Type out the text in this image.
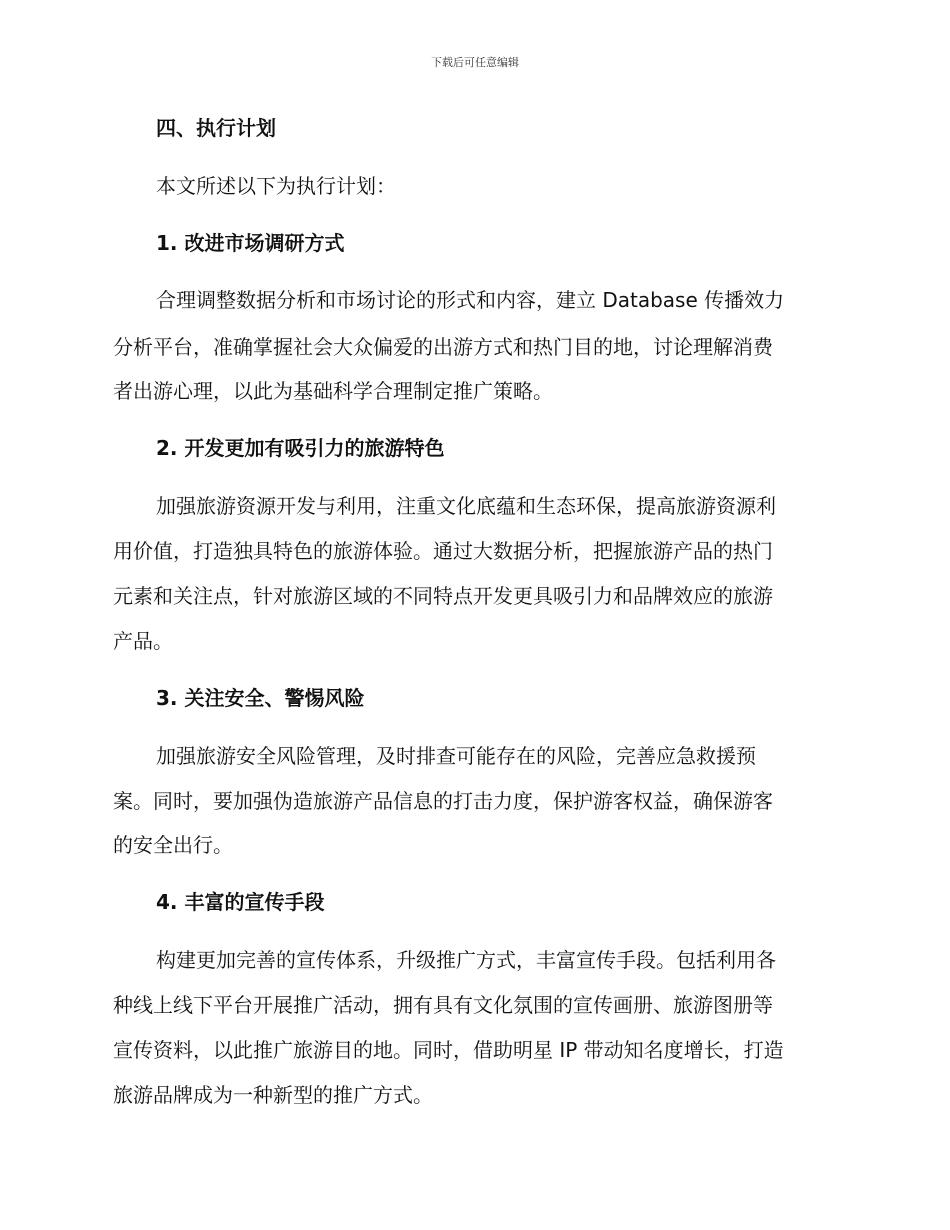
下载后可任意编辑
四、执行计划
本文所述以下为执行计划：
1. 改进市场调研方式
合理调整数据分析和市场讨论的形式和内容，建立 Database 传播效力
分析平台，准确掌握社会大众偏爱的出游方式和热门目的地，讨论理解消费
者出游心理，以此为基础科学合理制定推广策略。
2. 开发更加有吸引力的旅游特色
加强旅游资源开发与利用，注重文化底蕴和生态环保，提高旅游资源利
用价值，打造独具特色的旅游体验。通过大数据分析，把握旅游产品的热门
元素和关注点，针对旅游区域的不同特点开发更具吸引力和品牌效应的旅游
产品。
3. 关注安全、警惕风险
加强旅游安全风险管理，及时排查可能存在的风险，完善应急救援预
案。同时，要加强伪造旅游产品信息的打击力度，保护游客权益，确保游客
的安全出行。
4. 丰富的宣传手段
构建更加完善的宣传体系，升级推广方式，丰富宣传手段。包括利用各
种线上线下平台开展推广活动，拥有具有文化氛围的宣传画册、旅游图册等
宣传资料，以此推广旅游目的地。同时，借助明星 IP 带动知名度增长，打造
旅游品牌成为一种新型的推广方式。
